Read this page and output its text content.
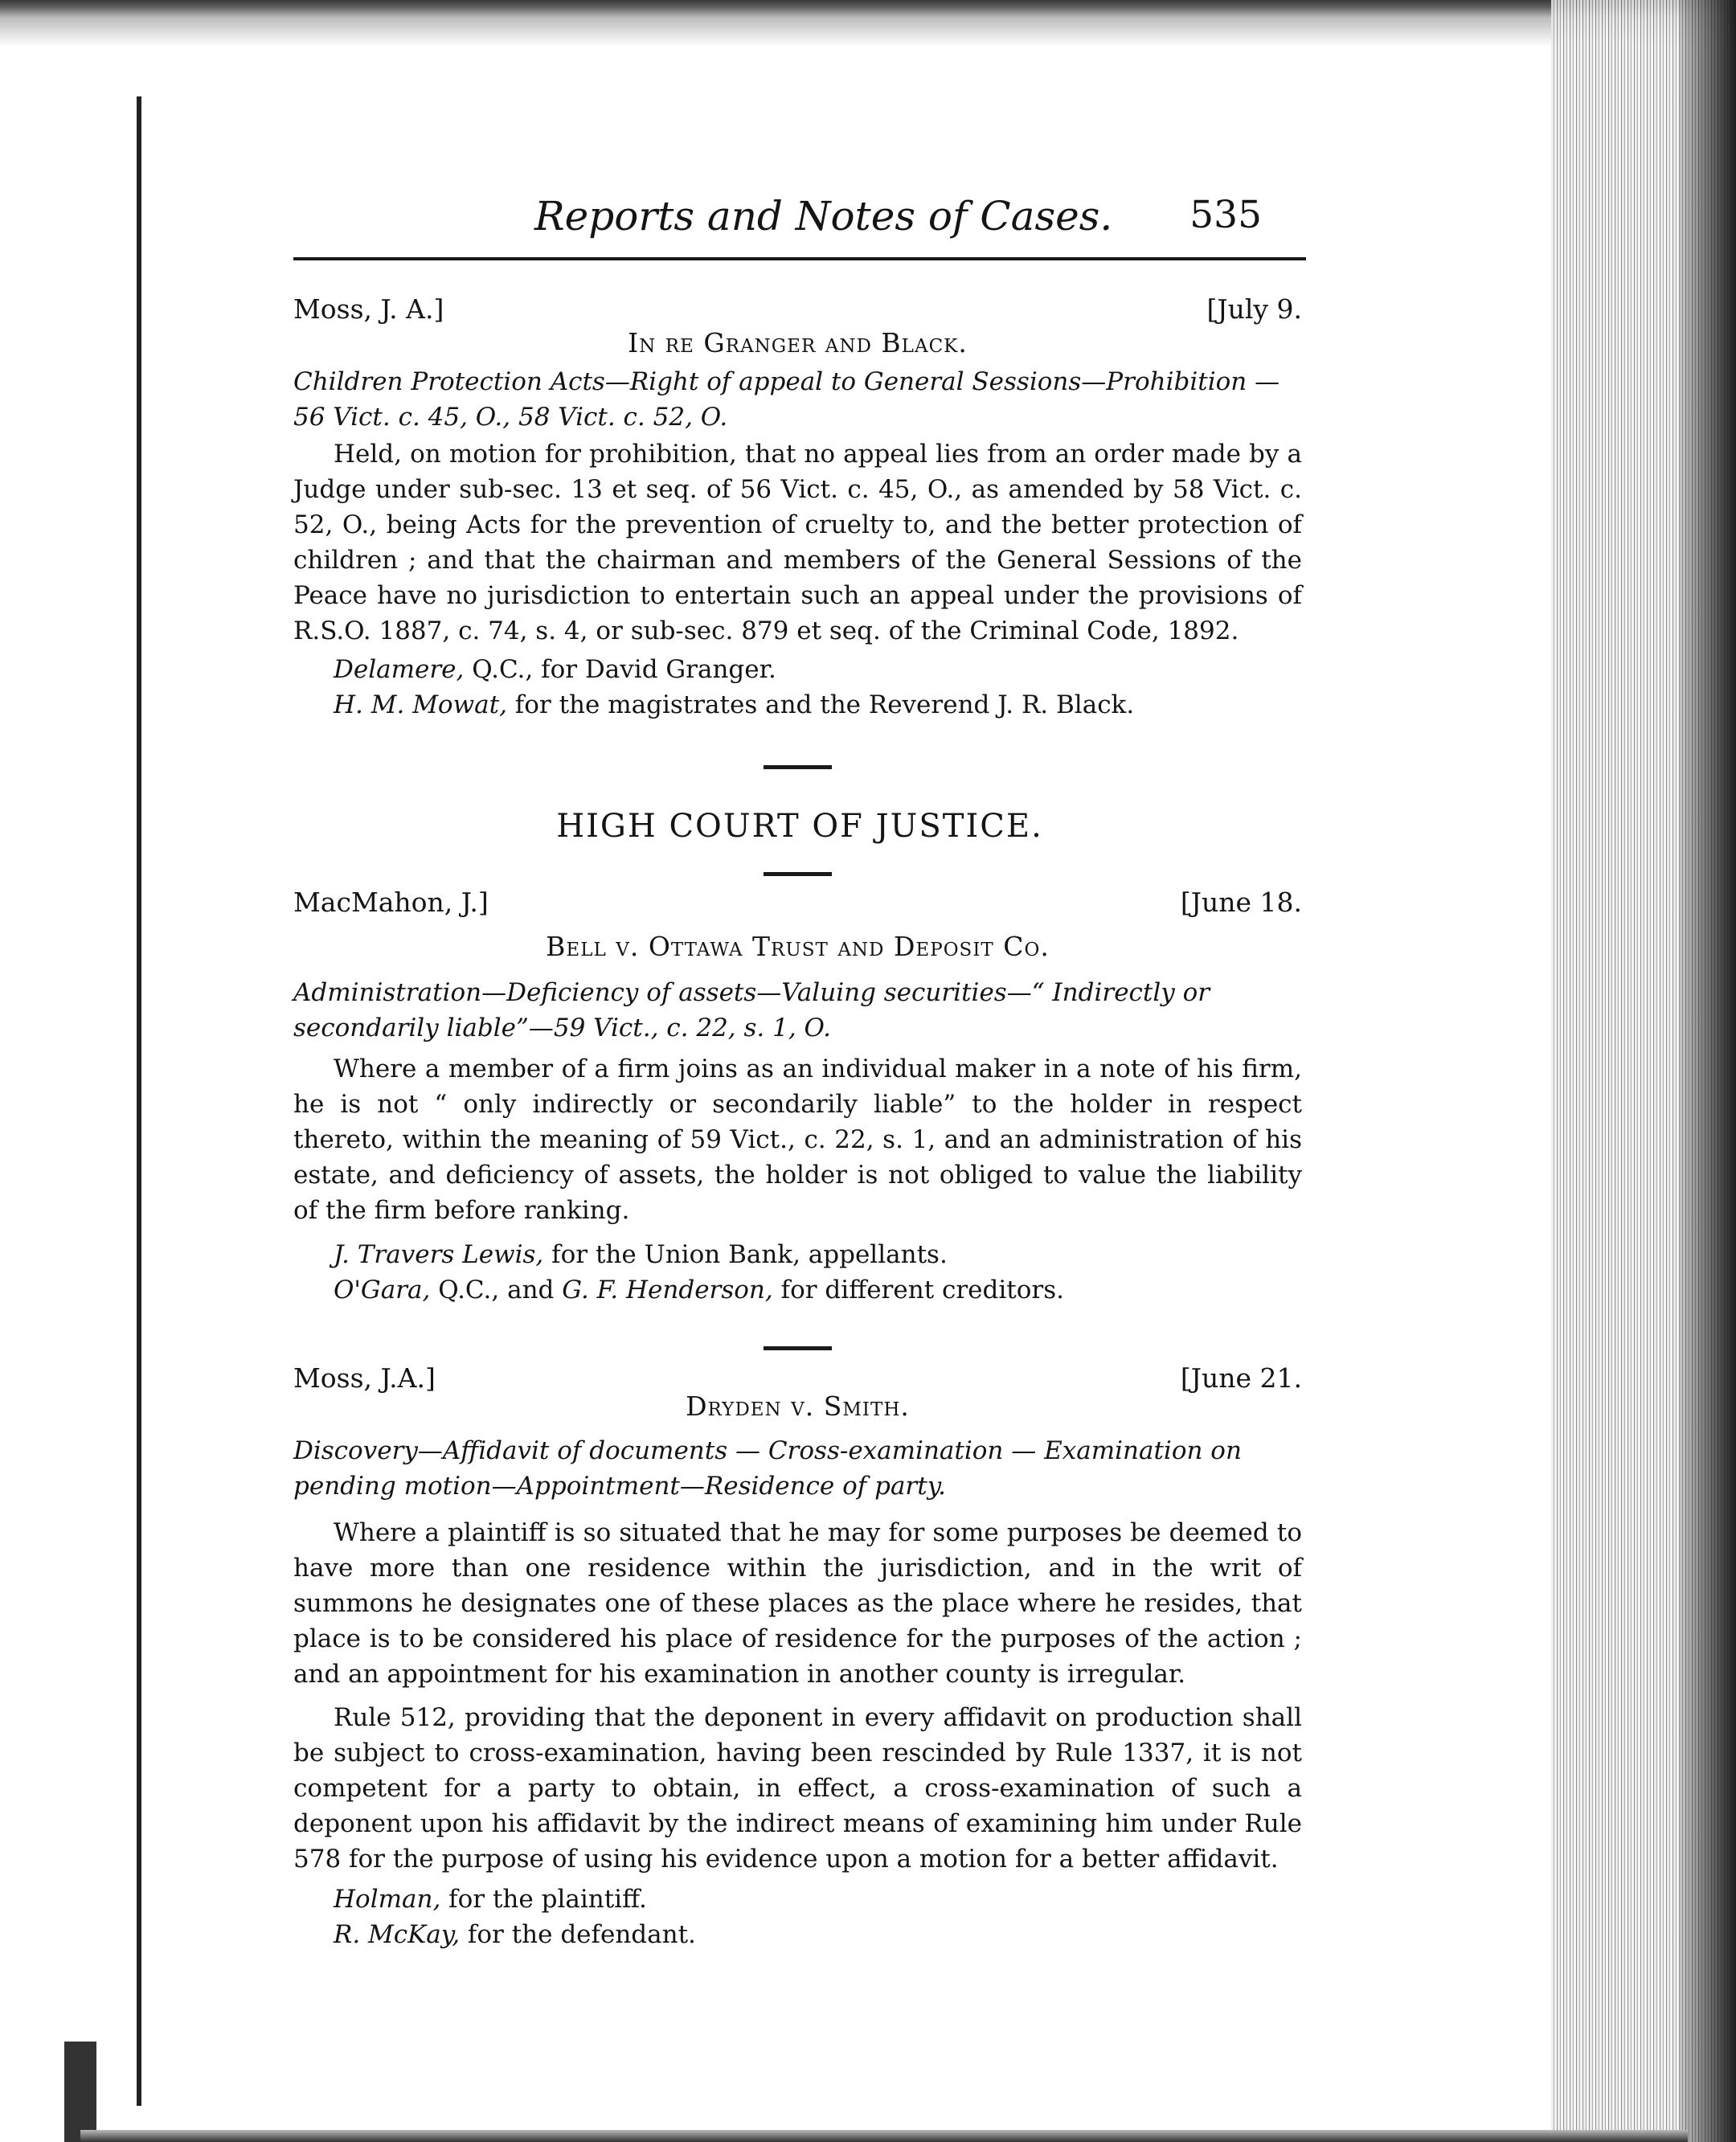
Reports and Notes of Cases. 535
Moss, J. A.]	[July 9.
In re Granger and Black.
Children Protection Acts—Right of appeal to General Sessions—Prohibition —56 Vict. c. 45, O., 58 Vict. c. 52, O.
Held, on motion for prohibition, that no appeal lies from an order made by a Judge under sub-sec. 13 et seq. of 56 Vict. c. 45, O., as amended by 58 Vict. c. 52, O., being Acts for the prevention of cruelty to, and the better protection of children ; and that the chairman and members of the General Sessions of the Peace have no jurisdiction to entertain such an appeal under the provisions of R.S.O. 1887, c. 74, s. 4, or sub-sec. 879 et seq. of the Criminal Code, 1892.
Delamere, Q.C., for David Granger.
H. M. Mowat, for the magistrates and the Reverend J. R. Black.
HIGH COURT OF JUSTICE.
MacMahon, J.]	[June 18.
Bell v. Ottawa Trust and Deposit Co.
Administration—Deficiency of assets—Valuing securities—“ Indirectly or secondarily liable”—59 Vict., c. 22, s. 1, O.
Where a member of a firm joins as an individual maker in a note of his firm, he is not “ only indirectly or secondarily liable” to the holder in respect thereto, within the meaning of 59 Vict., c. 22, s. 1, and an administration of his estate, and deficiency of assets, the holder is not obliged to value the liability of the firm before ranking.
J. Travers Lewis, for the Union Bank, appellants.
O'Gara, Q.C., and G. F. Henderson, for different creditors.
Moss, J.A.]	[June 21.
Dryden v. Smith.
Discovery—Affidavit of documents — Cross-examination — Examination on pending motion—Appointment—Residence of party.
Where a plaintiff is so situated that he may for some purposes be deemed to have more than one residence within the jurisdiction, and in the writ of summons he designates one of these places as the place where he resides, that place is to be considered his place of residence for the purposes of the action ; and an appointment for his examination in another county is irregular.
Rule 512, providing that the deponent in every affidavit on production shall be subject to cross-examination, having been rescinded by Rule 1337, it is not competent for a party to obtain, in effect, a cross-examination of such a deponent upon his affidavit by the indirect means of examining him under Rule 578 for the purpose of using his evidence upon a motion for a better affidavit.
Holman, for the plaintiff.
R. McKay, for the defendant.
